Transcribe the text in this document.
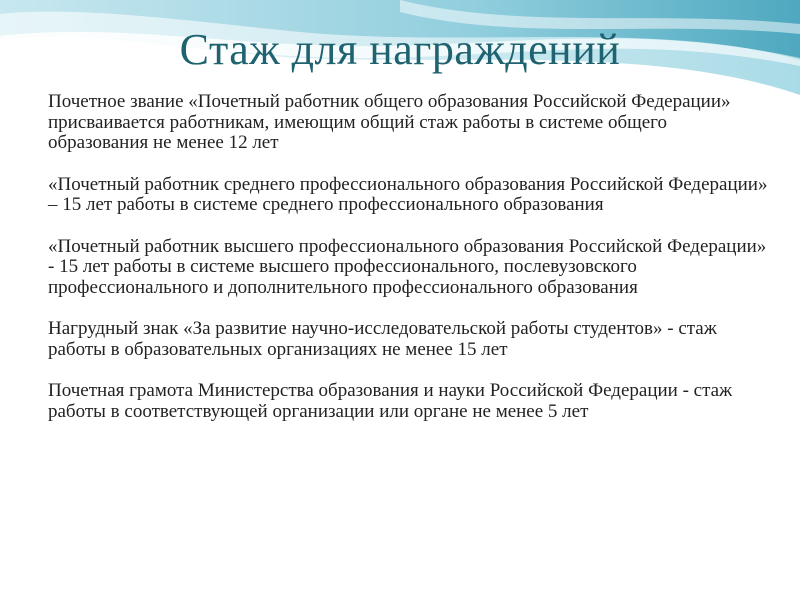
Стаж для награждений

Почетное звание «Почетный работник общего образования Российской Федерации» присваивается работникам, имеющим общий стаж работы в системе общего образования не менее 12 лет

«Почетный работник среднего профессионального образования Российской Федерации» – 15 лет работы в системе среднего профессионального образования

«Почетный работник высшего профессионального образования Российской Федерации» - 15 лет работы в системе высшего профессионального, послевузовского профессионального и дополнительного профессионального образования

Нагрудный знак «За развитие научно-исследовательской работы студентов» - стаж работы в образовательных организациях не менее 15 лет

Почетная грамота Министерства образования и науки Российской Федерации - стаж работы в соответствующей организации или органе не менее 5 лет
